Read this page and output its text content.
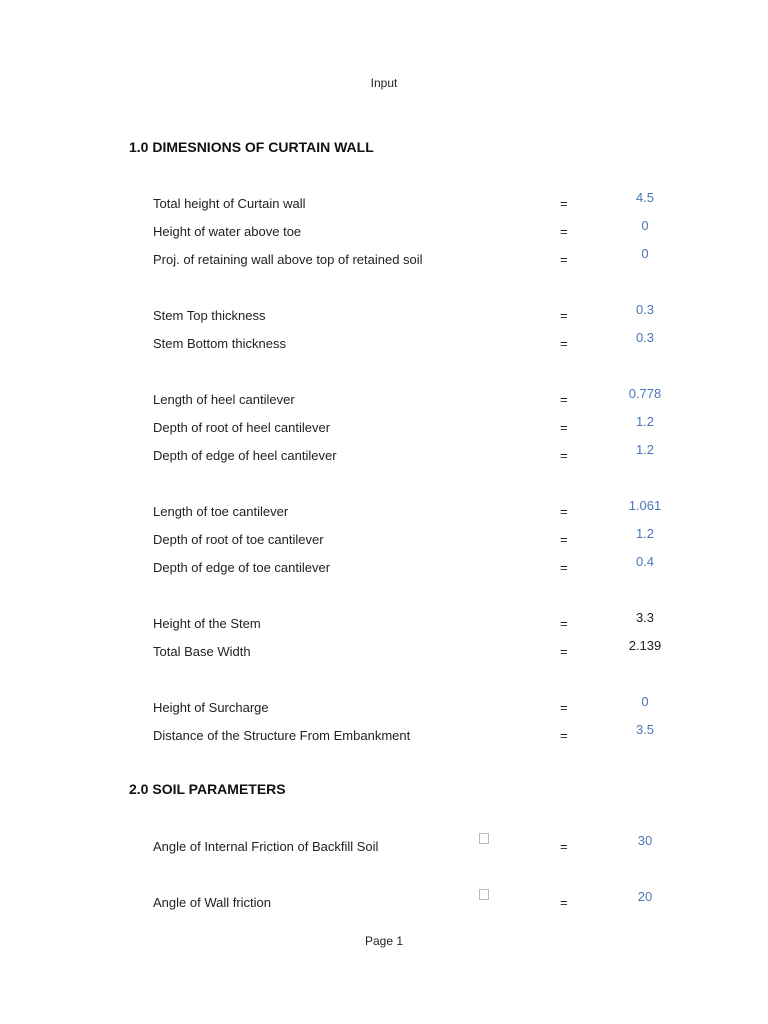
Input
1.0 DIMESNIONS OF CURTAIN WALL
Total height of Curtain wall	=	4.5
Height of water above toe	=	0
Proj. of retaining wall above top of retained soil	=	0
Stem Top thickness	=	0.3
Stem Bottom thickness	=	0.3
Length of heel cantilever	=	0.778
Depth of root of heel cantilever	=	1.2
Depth of edge of heel cantilever	=	1.2
Length of toe cantilever	=	1.061
Depth of root of toe cantilever	=	1.2
Depth of edge of toe cantilever	=	0.4
Height of the Stem	=	3.3
Total Base Width	=	2.139
Height of Surcharge	=	0
Distance of the Structure From Embankment	=	3.5
2.0 SOIL PARAMETERS
Angle of Internal Friction of Backfill Soil	=	30
Angle of Wall friction	=	20
Page 1
